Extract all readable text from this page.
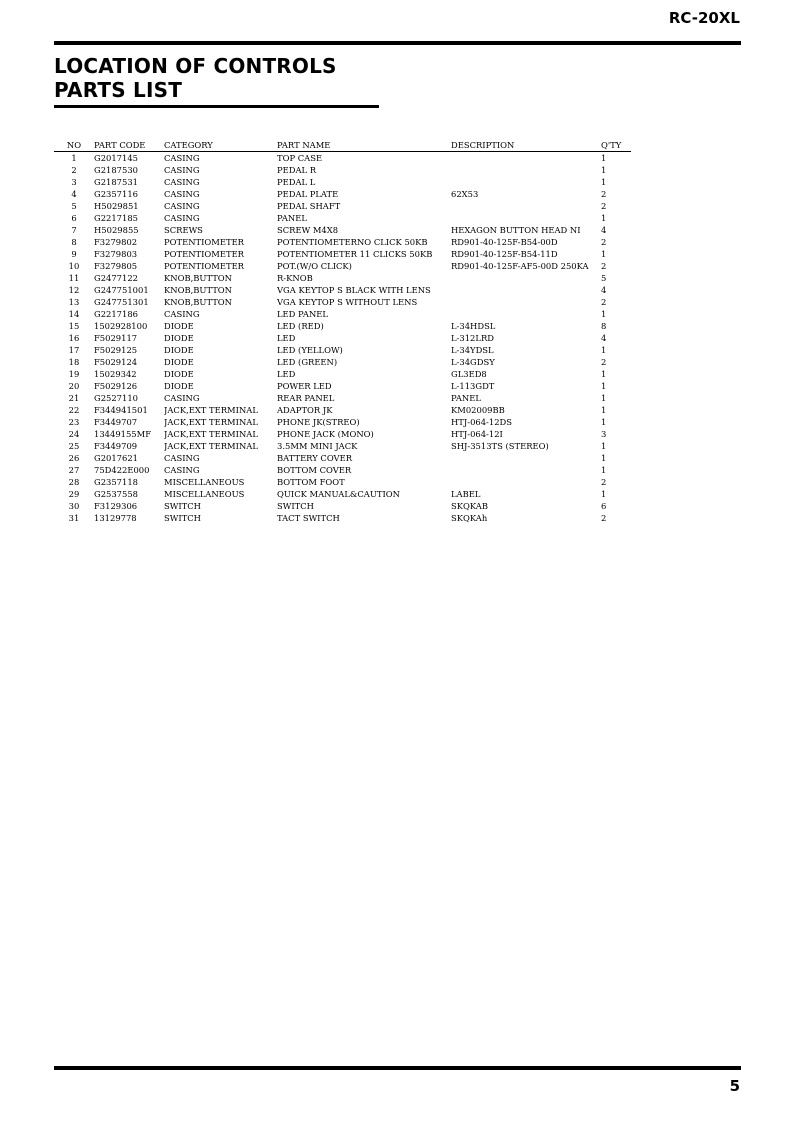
RC-20XL
LOCATION OF CONTROLS
PARTS LIST
NO	PART CODE	CATEGORY	PART NAME	DESCRIPTION	Q'TY
1	G2017145	CASING	TOP CASE		1
2	G2187530	CASING	PEDAL R		1
3	G2187531	CASING	PEDAL L		1
4	G2357116	CASING	PEDAL PLATE	62X53	2
5	H5029851	CASING	PEDAL SHAFT		2
6	G2217185	CASING	PANEL		1
7	H5029855	SCREWS	SCREW M4X8	HEXAGON BUTTON HEAD NI	4
8	F3279802	POTENTIOMETER	POTENTIOMETERNO CLICK 50KB	RD901-40-125F-B54-00D	2
9	F3279803	POTENTIOMETER	POTENTIOMETER 11 CLICKS 50KB	RD901-40-125F-B54-11D	1
10	F3279805	POTENTIOMETER	POT.(W/O CLICK)	RD901-40-125F-AF5-00D 250KA	2
11	G2477122	KNOB,BUTTON	R-KNOB		5
12	G247751001	KNOB,BUTTON	VGA KEYTOP S BLACK WITH LENS		4
13	G247751301	KNOB,BUTTON	VGA KEYTOP S WITHOUT LENS		2
14	G2217186	CASING	LED PANEL		1
15	1502928100	DIODE	LED (RED)	L-34HDSL	8
16	F5029117	DIODE	LED	L-312LRD	4
17	F5029125	DIODE	LED (YELLOW)	L-34YDSL	1
18	F5029124	DIODE	LED (GREEN)	L-34GDSY	2
19	15029342	DIODE	LED	GL3ED8	1
20	F5029126	DIODE	POWER LED	L-113GDT	1
21	G2527110	CASING	REAR PANEL	PANEL	1
22	F344941501	JACK,EXT TERMINAL	ADAPTOR JK	KM02009BB	1
23	F3449707	JACK,EXT TERMINAL	PHONE JK(STREO)	HTJ-064-12DS	1
24	13449155MF	JACK,EXT TERMINAL	PHONE JACK (MONO)	HTJ-064-12I	3
25	F3449709	JACK,EXT TERMINAL	3.5MM MINI JACK	SHJ-3513TS (STEREO)	1
26	G2017621	CASING	BATTERY COVER		1
27	75D422E000	CASING	BOTTOM COVER		1
28	G2357118	MISCELLANEOUS	BOTTOM FOOT		2
29	G2537558	MISCELLANEOUS	QUICK MANUAL&CAUTION	LABEL	1
30	F3129306	SWITCH	SWITCH	SKQKAB	6
31	13129778	SWITCH	TACT SWITCH	SKQKAh	2
5
